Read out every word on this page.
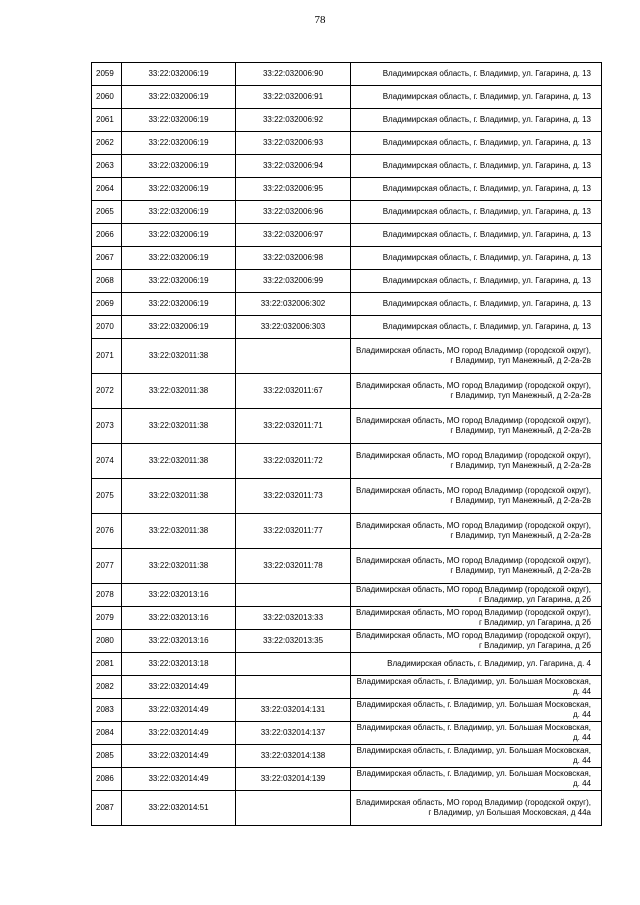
78
2059	33:22:032006:19	33:22:032006:90	Владимирская область, г. Владимир, ул. Гагарина, д. 13
2060	33:22:032006:19	33:22:032006:91	Владимирская область, г. Владимир, ул. Гагарина, д. 13
2061	33:22:032006:19	33:22:032006:92	Владимирская область, г. Владимир, ул. Гагарина, д. 13
2062	33:22:032006:19	33:22:032006:93	Владимирская область, г. Владимир, ул. Гагарина, д. 13
2063	33:22:032006:19	33:22:032006:94	Владимирская область, г. Владимир, ул. Гагарина, д. 13
2064	33:22:032006:19	33:22:032006:95	Владимирская область, г. Владимир, ул. Гагарина, д. 13
2065	33:22:032006:19	33:22:032006:96	Владимирская область, г. Владимир, ул. Гагарина, д. 13
2066	33:22:032006:19	33:22:032006:97	Владимирская область, г. Владимир, ул. Гагарина, д. 13
2067	33:22:032006:19	33:22:032006:98	Владимирская область, г. Владимир, ул. Гагарина, д. 13
2068	33:22:032006:19	33:22:032006:99	Владимирская область, г. Владимир, ул. Гагарина, д. 13
2069	33:22:032006:19	33:22:032006:302	Владимирская область, г. Владимир, ул. Гагарина, д. 13
2070	33:22:032006:19	33:22:032006:303	Владимирская область, г. Владимир, ул. Гагарина, д. 13
2071	33:22:032011:38		Владимирская область, МО город Владимир (городской округ), г Владимир, туп Манежный, д 2-2а-2в
2072	33:22:032011:38	33:22:032011:67	Владимирская область, МО город Владимир (городской округ), г Владимир, туп Манежный, д 2-2а-2в
2073	33:22:032011:38	33:22:032011:71	Владимирская область, МО город Владимир (городской округ), г Владимир, туп Манежный, д 2-2а-2в
2074	33:22:032011:38	33:22:032011:72	Владимирская область, МО город Владимир (городской округ), г Владимир, туп Манежный, д 2-2а-2в
2075	33:22:032011:38	33:22:032011:73	Владимирская область, МО город Владимир (городской округ), г Владимир, туп Манежный, д 2-2а-2в
2076	33:22:032011:38	33:22:032011:77	Владимирская область, МО город Владимир (городской округ), г Владимир, туп Манежный, д 2-2а-2в
2077	33:22:032011:38	33:22:032011:78	Владимирская область, МО город Владимир (городской округ), г Владимир, туп Манежный, д 2-2а-2в
2078	33:22:032013:16		Владимирская область, МО город Владимир (городской округ), г Владимир, ул Гагарина, д 2б
2079	33:22:032013:16	33:22:032013:33	Владимирская область, МО город Владимир (городской округ), г Владимир, ул Гагарина, д 2б
2080	33:22:032013:16	33:22:032013:35	Владимирская область, МО город Владимир (городской округ), г Владимир, ул Гагарина, д 2б
2081	33:22:032013:18		Владимирская область, г. Владимир, ул. Гагарина, д. 4
2082	33:22:032014:49		Владимирская область, г. Владимир, ул. Большая Московская, д. 44
2083	33:22:032014:49	33:22:032014:131	Владимирская область, г. Владимир, ул. Большая Московская, д. 44
2084	33:22:032014:49	33:22:032014:137	Владимирская область, г. Владимир, ул. Большая Московская, д. 44
2085	33:22:032014:49	33:22:032014:138	Владимирская область, г. Владимир, ул. Большая Московская, д. 44
2086	33:22:032014:49	33:22:032014:139	Владимирская область, г. Владимир, ул. Большая Московская, д. 44
2087	33:22:032014:51		Владимирская область, МО город Владимир (городской округ), г Владимир, ул Большая Московская, д 44а
